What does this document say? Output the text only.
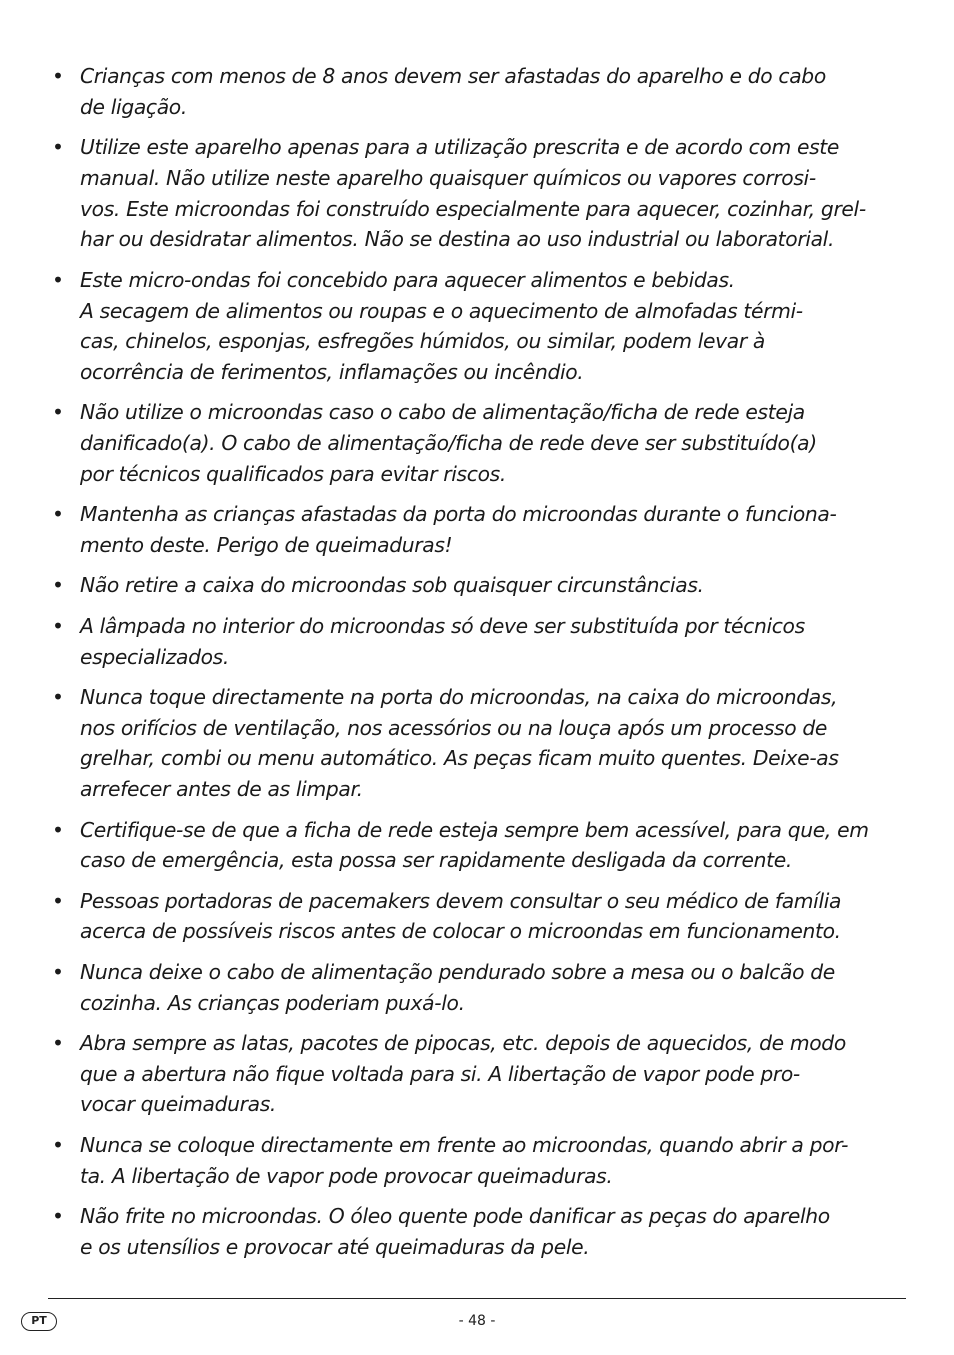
• Crianças com menos de 8 anos devem ser afastadas do aparelho e do cabo
de ligação.
• Utilize este aparelho apenas para a utilização prescrita e de acordo com este
manual. Não utilize neste aparelho quaisquer químicos ou vapores corrosi-
vos. Este microondas foi construído especialmente para aquecer, cozinhar, grel-
har ou desidratar alimentos. Não se destina ao uso industrial ou laboratorial.
• Este micro-ondas foi concebido para aquecer alimentos e bebidas.
A secagem de alimentos ou roupas e o aquecimento de almofadas térmi-
cas, chinelos, esponjas, esfregões húmidos, ou similar, podem levar à
ocorrência de ferimentos, inflamações ou incêndio.
• Não utilize o microondas caso o cabo de alimentação/ficha de rede esteja
danificado(a). O cabo de alimentação/ficha de rede deve ser substituído(a)
por técnicos qualificados para evitar riscos.
• Mantenha as crianças afastadas da porta do microondas durante o funciona-
mento deste. Perigo de queimaduras!
• Não retire a caixa do microondas sob quaisquer circunstâncias.
• A lâmpada no interior do microondas só deve ser substituída por técnicos
especializados.
• Nunca toque directamente na porta do microondas, na caixa do microondas,
nos orifícios de ventilação, nos acessórios ou na louça após um processo de
grelhar, combi ou menu automático. As peças ficam muito quentes. Deixe-as
arrefecer antes de as limpar.
• Certifique-se de que a ficha de rede esteja sempre bem acessível, para que, em
caso de emergência, esta possa ser rapidamente desligada da corrente.
• Pessoas portadoras de pacemakers devem consultar o seu médico de família
acerca de possíveis riscos antes de colocar o microondas em funcionamento.
• Nunca deixe o cabo de alimentação pendurado sobre a mesa ou o balcão de
cozinha. As crianças poderiam puxá-lo.
• Abra sempre as latas, pacotes de pipocas, etc. depois de aquecidos, de modo
que a abertura não fique voltada para si. A libertação de vapor pode pro-
vocar queimaduras.
• Nunca se coloque directamente em frente ao microondas, quando abrir a por-
ta. A libertação de vapor pode provocar queimaduras.
• Não frite no microondas. O óleo quente pode danificar as peças do aparelho
e os utensílios e provocar até queimaduras da pele.
PT	- 48 -
